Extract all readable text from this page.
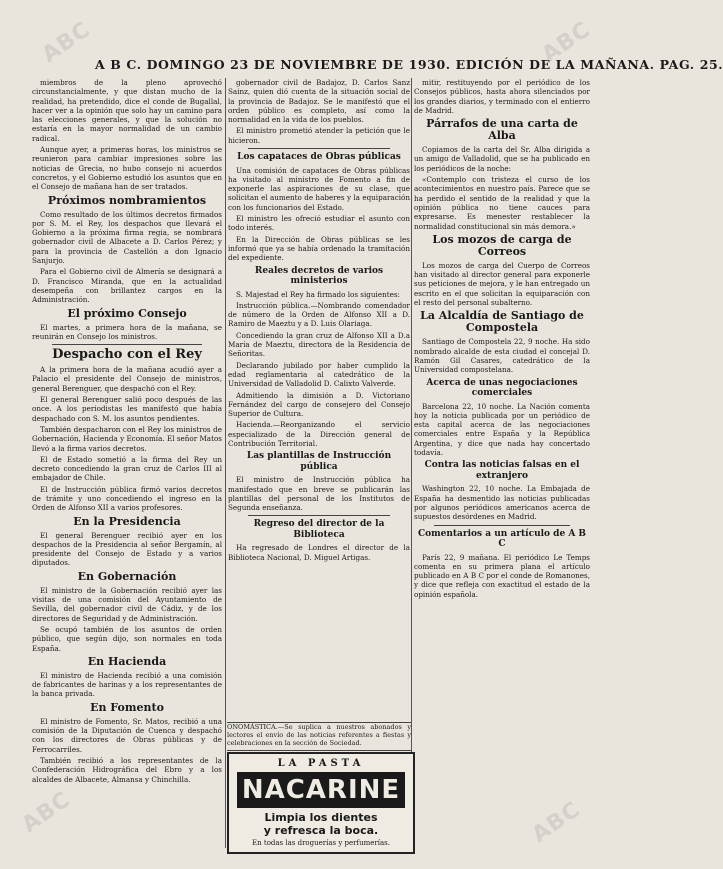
A B C. DOMINGO 23 DE NOVIEMBRE DE 1930. EDICIÓN DE LA MAÑANA. PAG. 25.

miembros de la pleno aprovechó circunstancialmente, y que distan mucho de la realidad, ha pretendido, dice el conde de Bugallal, hacer ver a la opinión que solo hay un camino para las elecciones generales, y que la solución no estaría en la mayor normalidad de un cambio radical.

Aunque ayer, a primeras horas, los ministros se reunieron para cambiar impresiones sobre las noticias de Grecia, no hubo consejo ni acuerdos concretos, y el Gobierno estudió los asuntos que en el Consejo de mañana han de ser tratados.

Próximos nombramientos

Como resultado de los últimos decretos firmados por S. M. el Rey, los despachos que llevará el Gobierno a la próxima firma regia, se nombrará gobernador civil de Albacete a D. Carlos Pérez; y para la provincia de Castellón a don Ignacio Sanjurjo.

Para el Gobierno civil de Almería se designará a D. Francisco Miranda, que en la actualidad desempeña con brillantez cargos en la Administración.

El próximo Consejo

El martes, a primera hora de la mañana, se reunirán en Consejo los ministros.

Despacho con el Rey

A la primera hora de la mañana acudió ayer a Palacio el presidente del Consejo de ministros, general Berenguer, que despachó con el Rey.

El general Berenguer salió poco después de las once. A los periodistas les manifestó que había despachado con S. M. los asuntos pendientes.

También despacharon con el Rey los ministros de Gobernación, Hacienda y Economía. El señor Matos llevó a la firma varios decretos.

El de Estado sometió a la firma del Rey un decreto concediendo la gran cruz de Carlos III al embajador de Chile.

El de Instrucción pública firmó varios decretos de trámite y uno concediendo el ingreso en la Orden de Alfonso XII a varios profesores.

En la Presidencia

El general Berenguer recibió ayer en los despachos de la Presidencia al señor Bergamín, al presidente del Consejo de Estado y a varios diputados.

En Gobernación

El ministro de la Gobernación recibió ayer las visitas de una comisión del Ayuntamiento de Sevilla, del gobernador civil de Cádiz, y de los directores de Seguridad y de Administración.

Se ocupó también de los asuntos de orden público, que según dijo, son normales en toda España.

En Hacienda

El ministro de Hacienda recibió a una comisión de fabricantes de harinas y a los representantes de la banca privada.

En Fomento

El ministro de Fomento, Sr. Matos, recibió a una comisión de la Diputación de Cuenca y despachó con los directores de Obras públicas y de Ferrocarriles.

También recibió a los representantes de la Confederación Hidrográfica del Ebro y a los alcaldes de Albacete, Almansa y Chinchilla.

gobernador civil de Badajoz, D. Carlos Sanz Sainz, quien dió cuenta de la situación social de la provincia de Badajoz. Se le manifestó que el orden público es completo, así como la normalidad en la vida de los pueblos.

El ministro prometió atender la petición que le hicieron.

Los capataces de Obras públicas

Una comisión de capataces de Obras públicas ha visitado al ministro de Fomento a fin de exponerle las aspiraciones de su clase, que solicitan el aumento de haberes y la equiparación con los funcionarios del Estado.

El ministro les ofreció estudiar el asunto con todo interés.

En la Dirección de Obras públicas se les informó que ya se había ordenado la tramitación del expediente.

Reales decretos de varios ministerios

S. Majestad el Rey ha firmado los siguientes:

Instrucción pública.—Nombrando comendador de número de la Orden de Alfonso XII a D. Ramiro de Maeztu y a D. Luis Olariaga.

Concediendo la gran cruz de Alfonso XII a D.a María de Maeztu, directora de la Residencia de Señoritas.

Declarando jubilado por haber cumplido la edad reglamentaria al catedrático de la Universidad de Valladolid D. Calixto Valverde.

Admitiendo la dimisión a D. Victoriano Fernández del cargo de consejero del Consejo Superior de Cultura.

Hacienda.—Reorganizando el servicio especializado de la Dirección general de Contribución Territorial.

Las plantillas de Instrucción pública

El ministro de Instrucción pública ha manifestado que en breve se publicarán las plantillas del personal de los Institutos de Segunda enseñanza.

Regreso del director de la Biblioteca

Ha regresado de Londres el director de la Biblioteca Nacional, D. Miguel Artigas.

ONOMÁSTICA.—Se suplica a nuestros abonados y lectores el envío de las noticias referentes a fiestas y celebraciones en la sección de Sociedad.
LA PASTA
NACARINE
Limpia los dientes
y refresca la boca.
En todas las droguerías y perfumerías.

mitir, restituyendo por el periódico de los Consejos públicos, hasta ahora silenciados por los grandes diarios, y terminado con el entierro de Madrid.

Párrafos de una carta de Alba

Copiamos de la carta del Sr. Alba dirigida a un amigo de Valladolid, que se ha publicado en los periódicos de la noche:

«Contemplo con tristeza el curso de los acontecimientos en nuestro país. Parece que se ha perdido el sentido de la realidad y que la opinión pública no tiene cauces para expresarse. Es menester restablecer la normalidad constitucional sin más demora.»

Los mozos de carga de Correos

Los mozos de carga del Cuerpo de Correos han visitado al director general para exponerle sus peticiones de mejora, y le han entregado un escrito en el que solicitan la equiparación con el resto del personal subalterno.

La Alcaldía de Santiago de Compostela

Santiago de Compostela 22, 9 noche. Ha sido nombrado alcalde de esta ciudad el concejal D. Ramón Gil Casares, catedrático de la Universidad compostelana.

Acerca de unas negociaciones comerciales

Barcelona 22, 10 noche. La Nación comenta hoy la noticia publicada por un periódico de esta capital acerca de las negociaciones comerciales entre España y la República Argentina, y dice que nada hay concertado todavía.

Contra las noticias falsas en el extranjero

Washington 22, 10 noche. La Embajada de España ha desmentido las noticias publicadas por algunos periódicos americanos acerca de supuestos desórdenes en Madrid.

Comentarios a un artículo de A B C

París 22, 9 mañana. El periódico Le Temps comenta en su primera plana el artículo publicado en A B C por el conde de Romanones, y dice que refleja con exactitud el estado de la opinión española.

ABC
ABC
ABC
ABC
